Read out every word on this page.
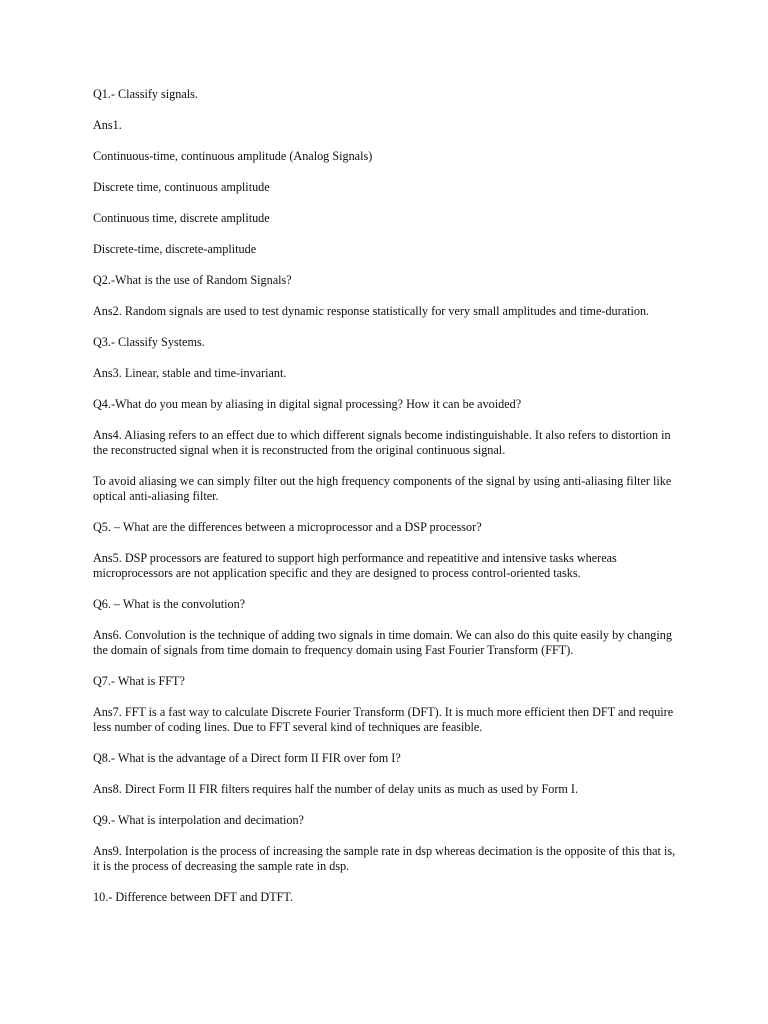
Q1.- Classify signals.

Ans1.

Continuous-time, continuous amplitude (Analog Signals)

Discrete time, continuous amplitude

Continuous time, discrete amplitude

Discrete-time, discrete-amplitude

Q2.-What is the use of Random Signals?

Ans2. Random signals are used to test dynamic response statistically for very small amplitudes and time-duration.

Q3.- Classify Systems.

Ans3. Linear, stable and time-invariant.

Q4.-What do you mean by aliasing in digital signal processing? How it can be avoided?

Ans4. Aliasing refers to an effect due to which different signals become indistinguishable. It also refers to distortion in the reconstructed signal when it is reconstructed from the original continuous signal.

To avoid aliasing we can simply filter out the high frequency components of the signal by using anti-aliasing filter like optical anti-aliasing filter.

Q5. – What are the differences between a microprocessor and a DSP processor?

Ans5. DSP processors are featured to support high performance and repeatitive and intensive tasks whereas microprocessors are not application specific and they are designed to process control-oriented tasks.

Q6. – What is the convolution?

Ans6. Convolution is the technique of adding two signals in time domain. We can also do this quite easily by changing the domain of signals from time domain to frequency domain using Fast Fourier Transform (FFT).

Q7.- What is FFT?

Ans7. FFT is a fast way to calculate Discrete Fourier Transform (DFT). It is much more efficient then DFT and require less number of coding lines. Due to FFT several kind of techniques are feasible.

Q8.- What is the advantage of a Direct form II FIR over fom I?

Ans8. Direct Form II FIR filters requires half the number of delay units as much as used by Form I.

Q9.- What is interpolation and decimation?

Ans9. Interpolation is the process of increasing the sample rate in dsp whereas decimation is the opposite of this that is, it is the process of decreasing the sample rate in dsp.

10.- Difference between DFT and DTFT.
